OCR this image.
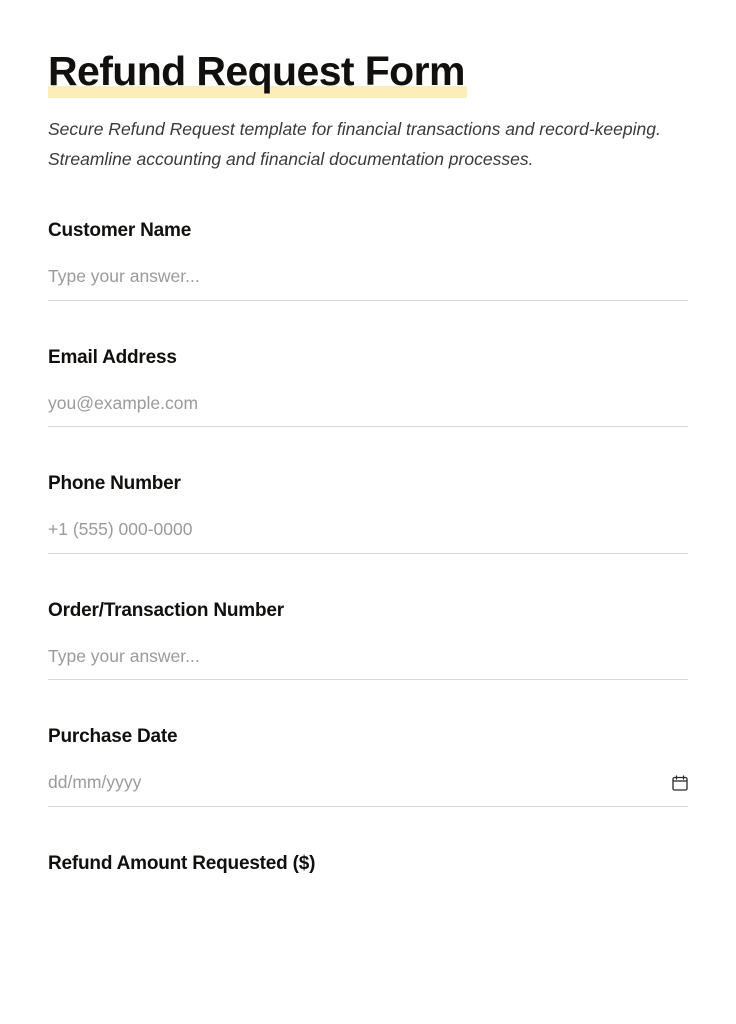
Refund Request Form

Secure Refund Request template for financial transactions and record-keeping. Streamline accounting and financial documentation processes.

Customer Name
Type your answer...
Email Address
you@example.com
Phone Number
+1 (555) 000-0000
Order/Transaction Number
Type your answer...
Purchase Date
dd/mm/yyyy
Refund Amount Requested ($)
